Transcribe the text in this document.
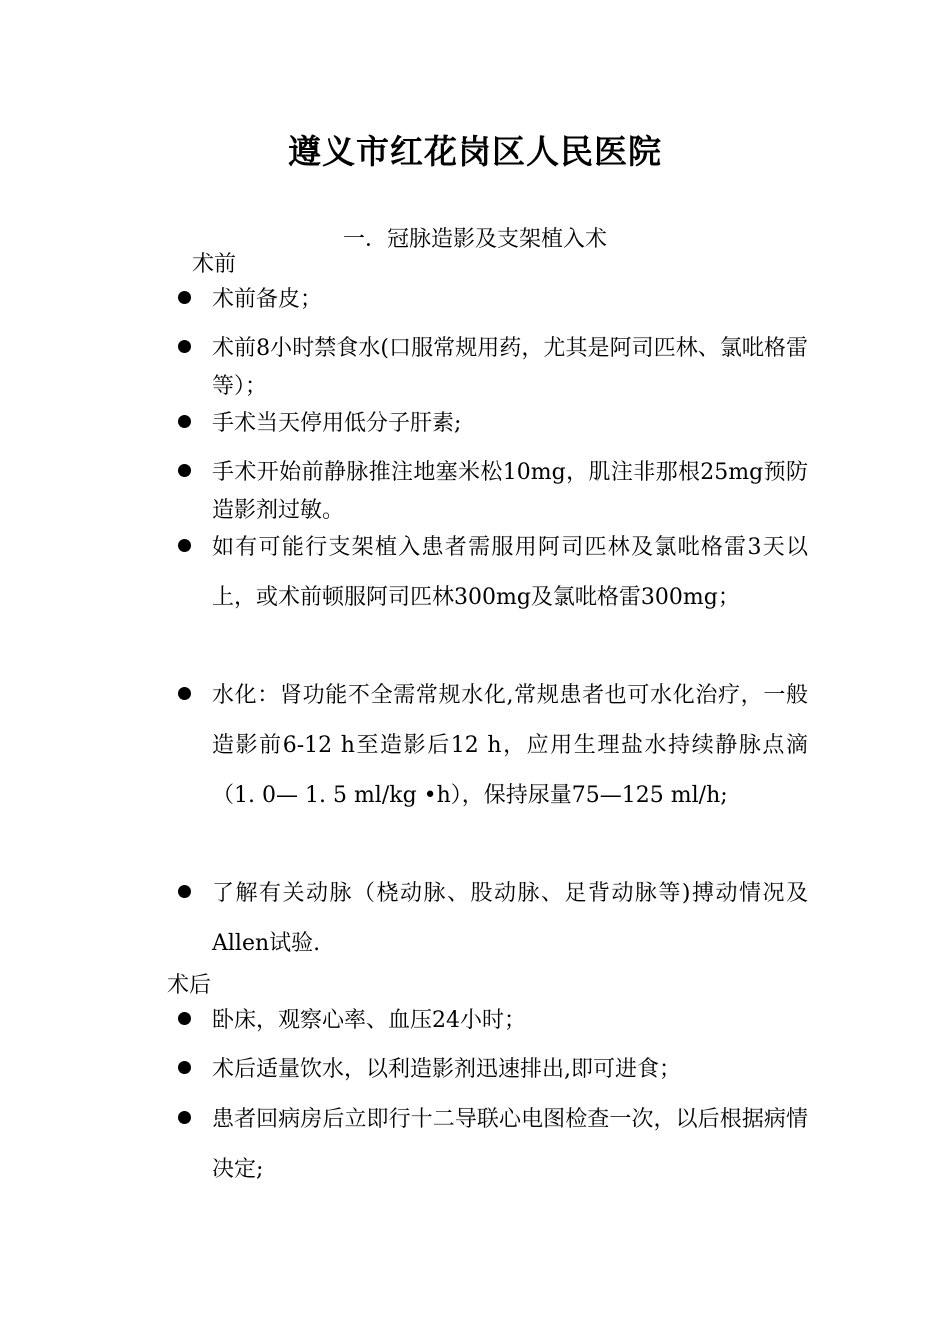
遵义市红花岗区人民医院
一．冠脉造影及支架植入术
术前
术前备皮；
术前8小时禁食水(口服常规用药，尤其是阿司匹林、氯吡格雷等）；
手术当天停用低分子肝素;
手术开始前静脉推注地塞米松10mg，肌注非那根25mg预防造影剂过敏。
如有可能行支架植入患者需服用阿司匹林及氯吡格雷3天以上，或术前顿服阿司匹林300mg及氯吡格雷300mg；
水化：肾功能不全需常规水化,常规患者也可水化治疗，一般造影前6-12 h至造影后12 h，应用生理盐水持续静脉点滴（1. 0— 1. 5 ml/kg •h），保持尿量75—125 ml/h;
了解有关动脉（桡动脉、股动脉、足背动脉等)搏动情况及Allen试验.
术后
卧床，观察心率、血压24小时；
术后适量饮水，以利造影剂迅速排出,即可进食；
患者回病房后立即行十二导联心电图检查一次，以后根据病情决定;
